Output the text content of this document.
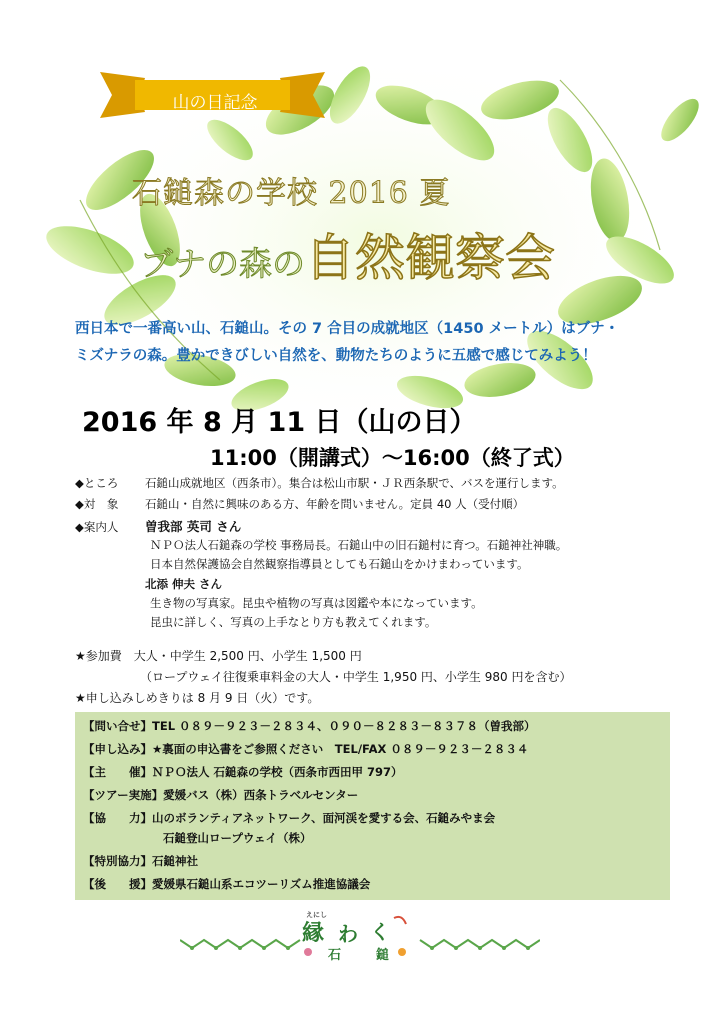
山の日記念
石鎚森の学校 2016 夏
ブナの森の自然観察会
西日本で一番高い山、石鎚山。その 7 合目の成就地区（1450 メートル）はブナ・
ミズナラの森。豊かできびしい自然を、動物たちのように五感で感じてみよう！
2016 年 8 月 11 日（山の日）
11:00（開講式）〜16:00（終了式）
◆ところ 石鎚山成就地区（西条市）。集合は松山市駅・ＪＲ西条駅で、バスを運行します。
◆対　象 石鎚山・自然に興味のある方、年齢を問いません。定員 40 人（受付順）
◆案内人 曽我部 英司 さん
ＮＰＯ法人石鎚森の学校 事務局長。石鎚山中の旧石鎚村に育つ。石鎚神社神職。
日本自然保護協会自然観察指導員としても石鎚山をかけまわっています。
北添 伸夫 さん
生き物の写真家。昆虫や植物の写真は図鑑や本になっています。
昆虫に詳しく、写真の上手なとり方も教えてくれます。
★参加費　大人・中学生 2,500 円、小学生 1,500 円
（ロープウェイ往復乗車料金の大人・中学生 1,950 円、小学生 980 円を含む）
★申し込みしめきりは 8 月 9 日（火）です。
【問い合せ】TEL ０８９－９２３－２８３４、０９０－８２８３－８３７８（曽我部）
【申し込み】★裏面の申込書をご参照ください　TEL/FAX ０８９－９２３－２８３４
【主　　催】ＮＰＯ法人 石鎚森の学校（西条市西田甲 797）
【ツアー実施】愛媛バス（株）西条トラベルセンター
【協　　力】山のボランティアネットワーク、面河渓を愛する会、石鎚みやま会
石鎚登山ロープウェイ（株）
【特別協力】石鎚神社
【後　　援】愛媛県石鎚山系エコツーリズム推進協議会
えにし
縁 わ く
石	鎚
